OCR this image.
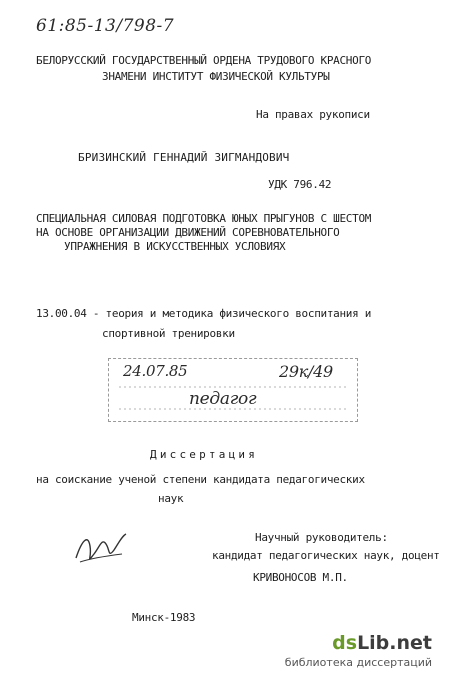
61:85-13/798-7
БЕЛОРУССКИЙ ГОСУДАРСТВЕННЫЙ ОРДЕНА ТРУДОВОГО КРАСНОГО
ЗНАМЕНИ ИНСТИТУТ ФИЗИЧЕСКОЙ КУЛЬТУРЫ
На правах рукописи
БРИЗИНСКИЙ ГЕННАДИЙ ЗИГМАНДОВИЧ
УДК 796.42
СПЕЦИАЛЬНАЯ СИЛОВАЯ ПОДГОТОВКА ЮНЫХ ПРЫГУНОВ С ШЕСТОМ
НА ОСНОВЕ ОРГАНИЗАЦИИ ДВИЖЕНИЙ СОРЕВНОВАТЕЛЬНОГО
УПРАЖНЕНИЯ В ИСКУССТВЕННЫХ УСЛОВИЯХ
13.00.04 - теория и методика физического воспитания и
спортивной тренировки
24.07.85	29к/49
педагог
Диссертация
на соискание ученой степени кандидата педагогических
наук
Научный руководитель:
кандидат педагогических наук, доцент
КРИВОНОСОВ М.П.
Минск-1983
dsLib.net
библиотека диссертаций
